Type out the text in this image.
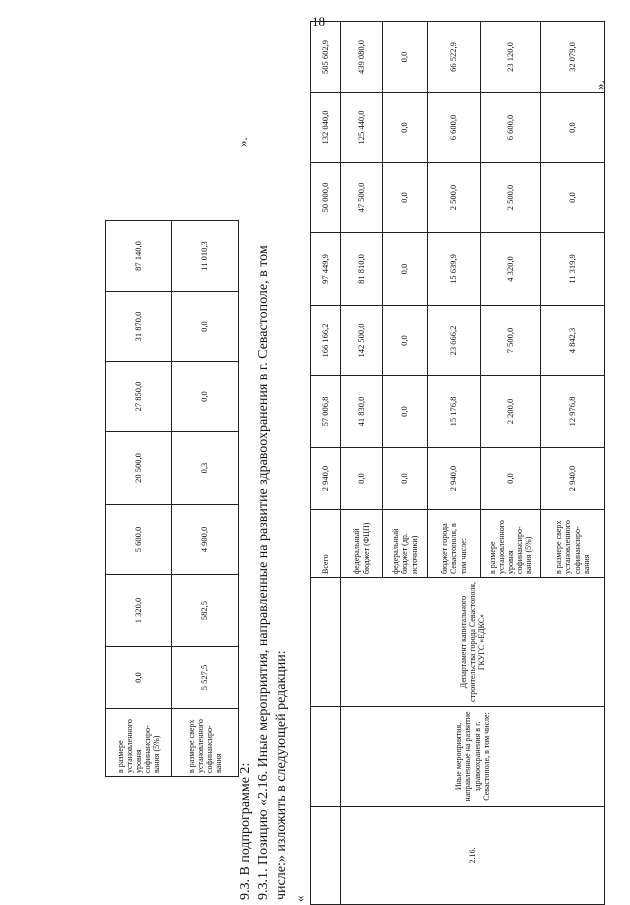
18
в размере установленного уровня софинансиро-вания (5%)	0,0	1 320,0	5 600,0	20 500,0	27 850,0	31 870,0	87 140,0
в размере сверх установленного софинансиро-вания	5 527,5	582,5	4 900,0	0,3	0,0	0,0	11 010,3
».
9.3. В подпрограмме 2: 9.3.1. Позицию «2.16. Иные мероприятия, направленные на развитие здравоохранения в г. Севастополе, в том числе:» изложить в следующей редакции: «
			Всего	2 940,0	57 006,8	166 166,2	97 449,9	50 000,0	132 040,0	505 602,9
2.16.	Иные мероприятия, направленные на развитие здравоохранения в г. Севастополе, в том числе:	Департамент капитального строительства города Севастополя, ГКУГС «ЕДКС»	федеральный бюджет (ФЦП)	0,0	41 830,0	142 500,0	81 810,0	47 500,0	125 440,0	439 080,0
			федеральный бюджет (др. источники)	0,0	0,0	0,0	0,0	0,0	0,0	0,0
			бюджет города Севастополя, в том числе:	2 940,0	15 176,8	23 666,2	15 639,9	2 500,0	6 600,0	66 522,9
			в размере установленного уровня софинансиро-вания (5%)	0,0	2 200,0	7 500,0	4 320,0	2 500,0	6 600,0	23 120,0
			в размере сверх установленного софинансиро-вания	2 940,0	12 976,8	4 842,3	11 319,9	0,0	0,0	32 079,0
».
